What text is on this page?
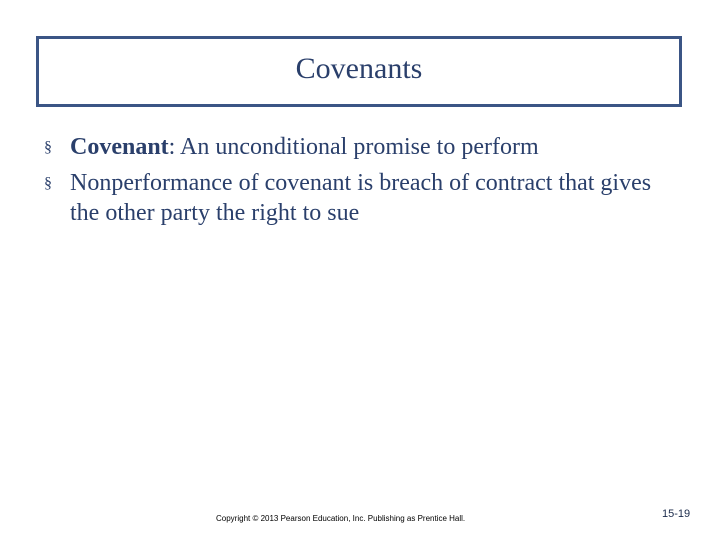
Covenants
§ Covenant: An unconditional promise to perform
§ Nonperformance of covenant is breach of contract that gives the other party the right to sue
Copyright © 2013 Pearson Education, Inc. Publishing as Prentice Hall.	15-19
